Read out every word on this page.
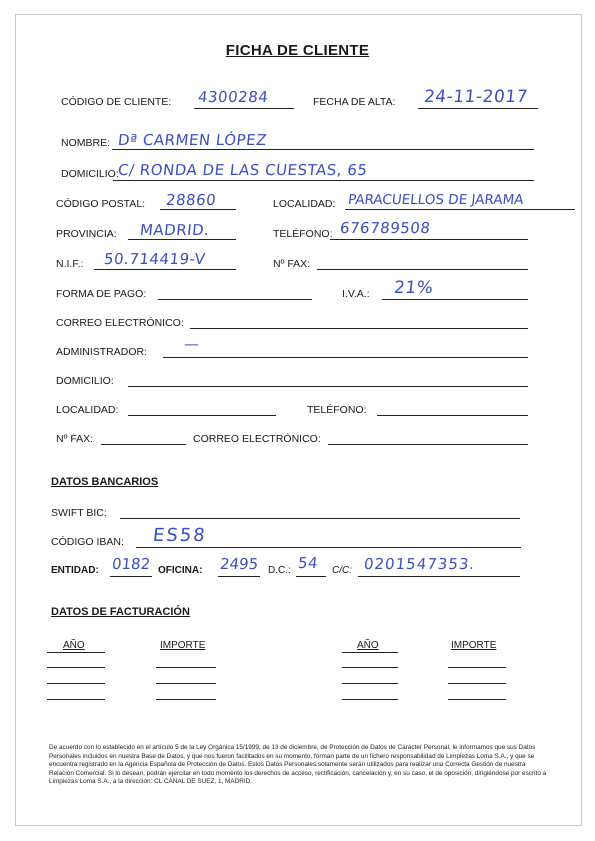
FICHA DE CLIENTE
CÓDIGO DE CLIENTE: 4300284	FECHA DE ALTA: 24-11-2017
NOMBRE: Dª CARMEN LÓPEZ
DOMICILIO:
C/ RONDA DE LAS CUESTAS, 65
CÓDIGO POSTAL: 28860	LOCALIDAD: PARACUELLOS DE JARAMA
PROVINCIA: MADRID.	TELÉFONO: 676789508
N.I.F.: 50.714419-V	Nº FAX:
FORMA DE PAGO:	I.V.A.: 21%
CORREO ELECTRÓNICO:
ADMINISTRADOR: —
DOMICILIO:
LOCALIDAD:	TELÉFONO:
Nº FAX:	CORREO ELECTRÓNICO:
DATOS BANCARIOS
SWIFT BIC:
CÓDIGO IBAN: ES58
ENTIDAD: 0182 OFICINA: 2495 D.C.: 54 C/C: 0201547353.
DATOS DE FACTURACIÓN
AÑO	IMPORTE	AÑO	IMPORTE
De acuerdo con lo establecido en el artículo 5 de la Ley Orgánica 15/1999, de 13 de diciembre, de Protección de Datos de Carácter Personal, le informamos que sus Datos Personales incluidos en nuestra Base de Datos, y que nos fueron facilitados en su momento, forman parte de un fichero responsabilidad de Limpiezas Loma S.A., y que se encuentra registrado en la Agencia Española de Protección de Datos. Estos Datos Personales solamente serán utilizados para realizar una Correcta Gestión de nuestra Relación Comercial. Si lo desean, podrán ejercitar en todo momento los derechos de acceso, rectificación, cancelación y, en su caso, el de oposición, dirigiéndose por escrito a Limpiezas Loma S.A., a la dirección: CL CANAL DE SUEZ, 1, MADRID.
